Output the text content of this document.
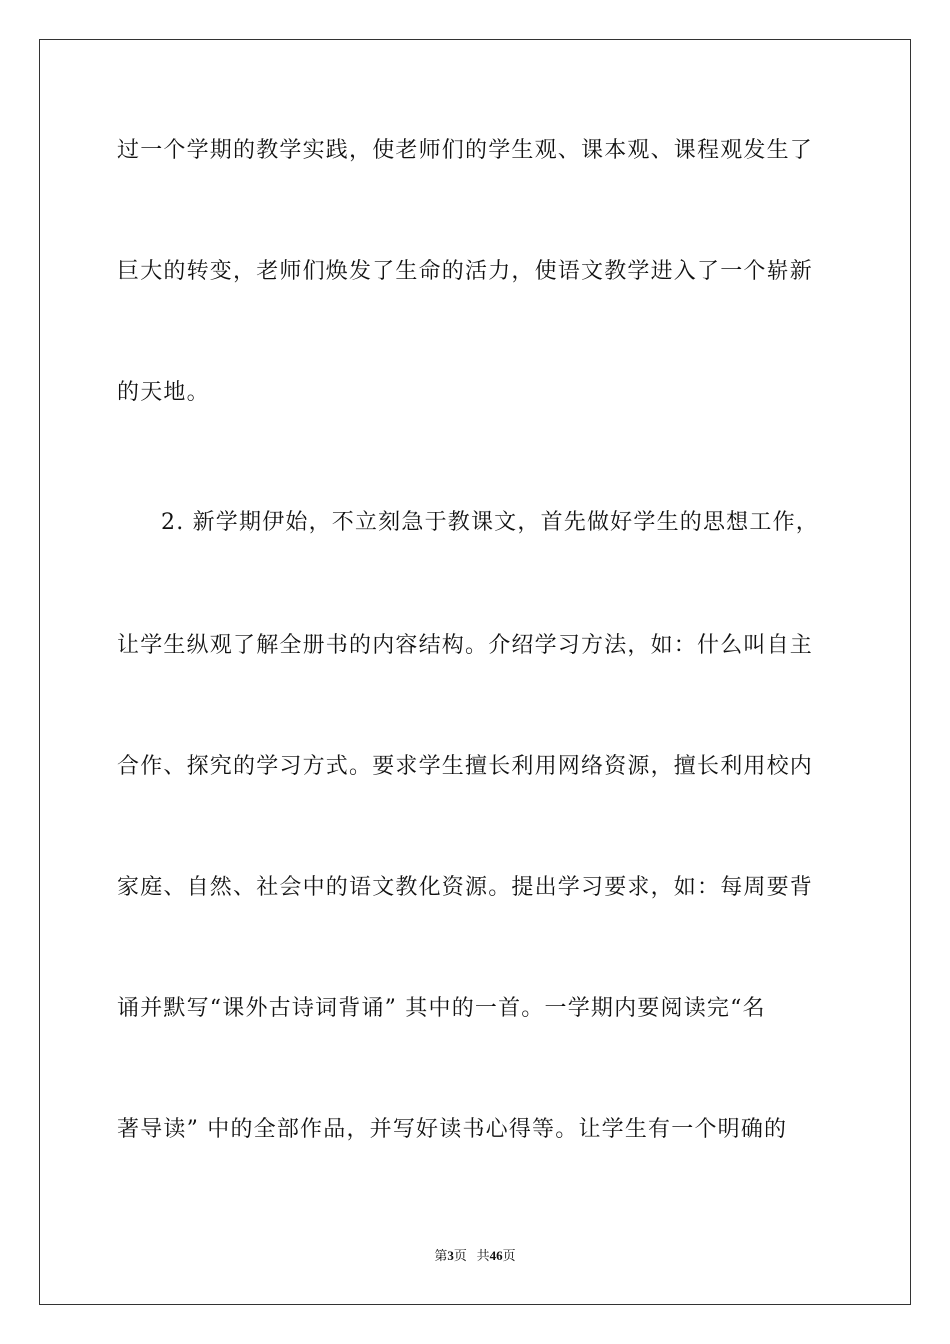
过一个学期的教学实践，使老师们的学生观、课本观、课程观发生了
巨大的转变，老师们焕发了生命的活力，使语文教学进入了一个崭新
的天地。
2. 新学期伊始，不立刻急于教课文，首先做好学生的思想工作，
让学生纵观了解全册书的内容结构。介绍学习方法，如：什么叫自主
合作、探究的学习方式。要求学生擅长利用网络资源，擅长利用校内
家庭、自然、社会中的语文教化资源。提出学习要求，如：每周要背
诵并默写“课外古诗词背诵” 其中的一首。一学期内要阅读完“名
著导读” 中的全部作品，并写好读书心得等。让学生有一个明确的
第3页 共46页
